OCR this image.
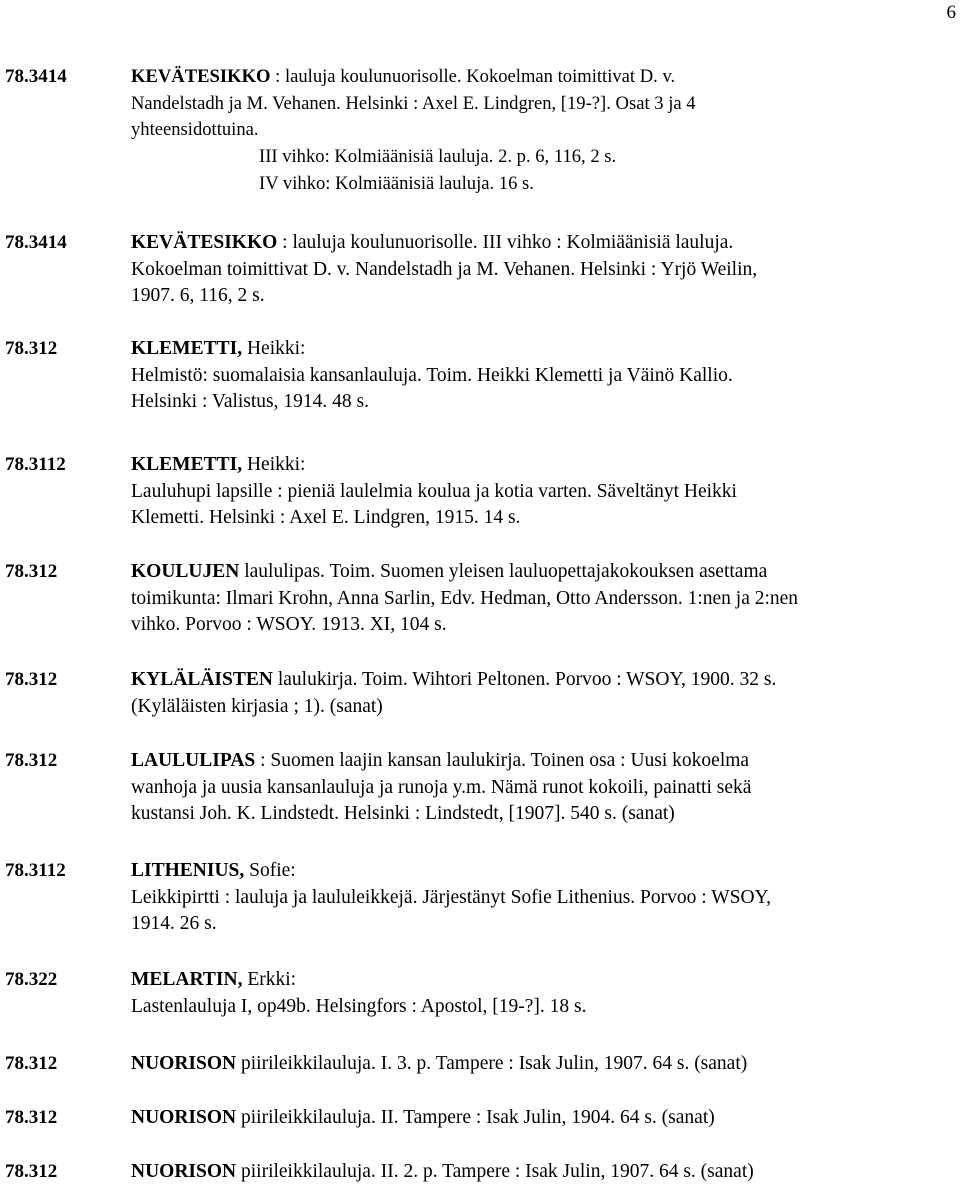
6
78.3414	KEVÄTESIKKO : lauluja koulunuorisolle. Kokoelman toimittivat D. v.
Nandelstadh ja M. Vehanen. Helsinki : Axel E. Lindgren, [19-?]. Osat 3 ja 4
yhteensidottuina.
III vihko: Kolmiäänisiä lauluja. 2. p. 6, 116, 2 s.
IV vihko: Kolmiäänisiä lauluja. 16 s.
78.3414	KEVÄTESIKKO : lauluja koulunuorisolle. III vihko : Kolmiäänisiä lauluja.
Kokoelman toimittivat D. v. Nandelstadh ja M. Vehanen. Helsinki : Yrjö Weilin,
1907. 6, 116, 2 s.
78.312	KLEMETTI, Heikki:
Helmistö: suomalaisia kansanlauluja. Toim. Heikki Klemetti ja Väinö Kallio.
Helsinki : Valistus, 1914. 48 s.
78.3112	KLEMETTI, Heikki:
Lauluhupi lapsille : pieniä laulelmia koulua ja kotia varten. Säveltänyt Heikki
Klemetti. Helsinki : Axel E. Lindgren, 1915. 14 s.
78.312	KOULUJEN laululipas. Toim. Suomen yleisen lauluopettajakokouksen asettama
toimikunta: Ilmari Krohn, Anna Sarlin, Edv. Hedman, Otto Andersson. 1:nen ja 2:nen
vihko. Porvoo : WSOY. 1913. XI, 104 s.
78.312	KYLÄLÄISTEN laulukirja. Toim. Wihtori Peltonen. Porvoo : WSOY, 1900. 32 s.
(Kyläläisten kirjasia ; 1). (sanat)
78.312	LAULULIPAS : Suomen laajin kansan laulukirja. Toinen osa : Uusi kokoelma
wanhoja ja uusia kansanlauluja ja runoja y.m. Nämä runot kokoili, painatti sekä
kustansi Joh. K. Lindstedt. Helsinki : Lindstedt, [1907]. 540 s. (sanat)
78.3112	LITHENIUS, Sofie:
Leikkipirtti : lauluja ja laululeikkejä. Järjestänyt Sofie Lithenius. Porvoo : WSOY,
1914. 26 s.
78.322	MELARTIN, Erkki:
Lastenlauluja I, op49b. Helsingfors : Apostol, [19-?]. 18 s.
78.312	NUORISON piirileikkilauluja. I. 3. p. Tampere : Isak Julin, 1907. 64 s. (sanat)
78.312	NUORISON piirileikkilauluja. II. Tampere : Isak Julin, 1904. 64 s. (sanat)
78.312	NUORISON piirileikkilauluja. II. 2. p. Tampere : Isak Julin, 1907. 64 s. (sanat)
